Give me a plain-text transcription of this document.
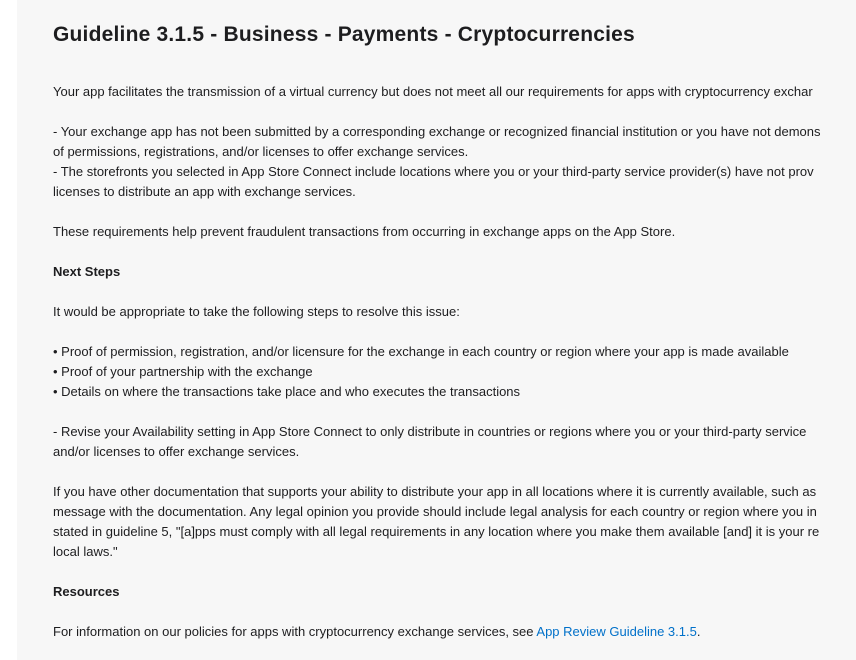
Guideline 3.1.5 - Business - Payments - Cryptocurrencies
Your app facilitates the transmission of a virtual currency but does not meet all our requirements for apps with cryptocurrency exchar
- Your exchange app has not been submitted by a corresponding exchange or recognized financial institution or you have not demons
of permissions, registrations, and/or licenses to offer exchange services.
- The storefronts you selected in App Store Connect include locations where you or your third-party service provider(s) have not prov
licenses to distribute an app with exchange services.
These requirements help prevent fraudulent transactions from occurring in exchange apps on the App Store.
Next Steps
It would be appropriate to take the following steps to resolve this issue:
• Proof of permission, registration, and/or licensure for the exchange in each country or region where your app is made available
• Proof of your partnership with the exchange
• Details on where the transactions take place and who executes the transactions
- Revise your Availability setting in App Store Connect to only distribute in countries or regions where you or your third-party service
and/or licenses to offer exchange services.
If you have other documentation that supports your ability to distribute your app in all locations where it is currently available, such as
message with the documentation. Any legal opinion you provide should include legal analysis for each country or region where you in
stated in guideline 5, "[a]pps must comply with all legal requirements in any location where you make them available [and] it is your re
local laws."
Resources
For information on our policies for apps with cryptocurrency exchange services, see App Review Guideline 3.1.5.
